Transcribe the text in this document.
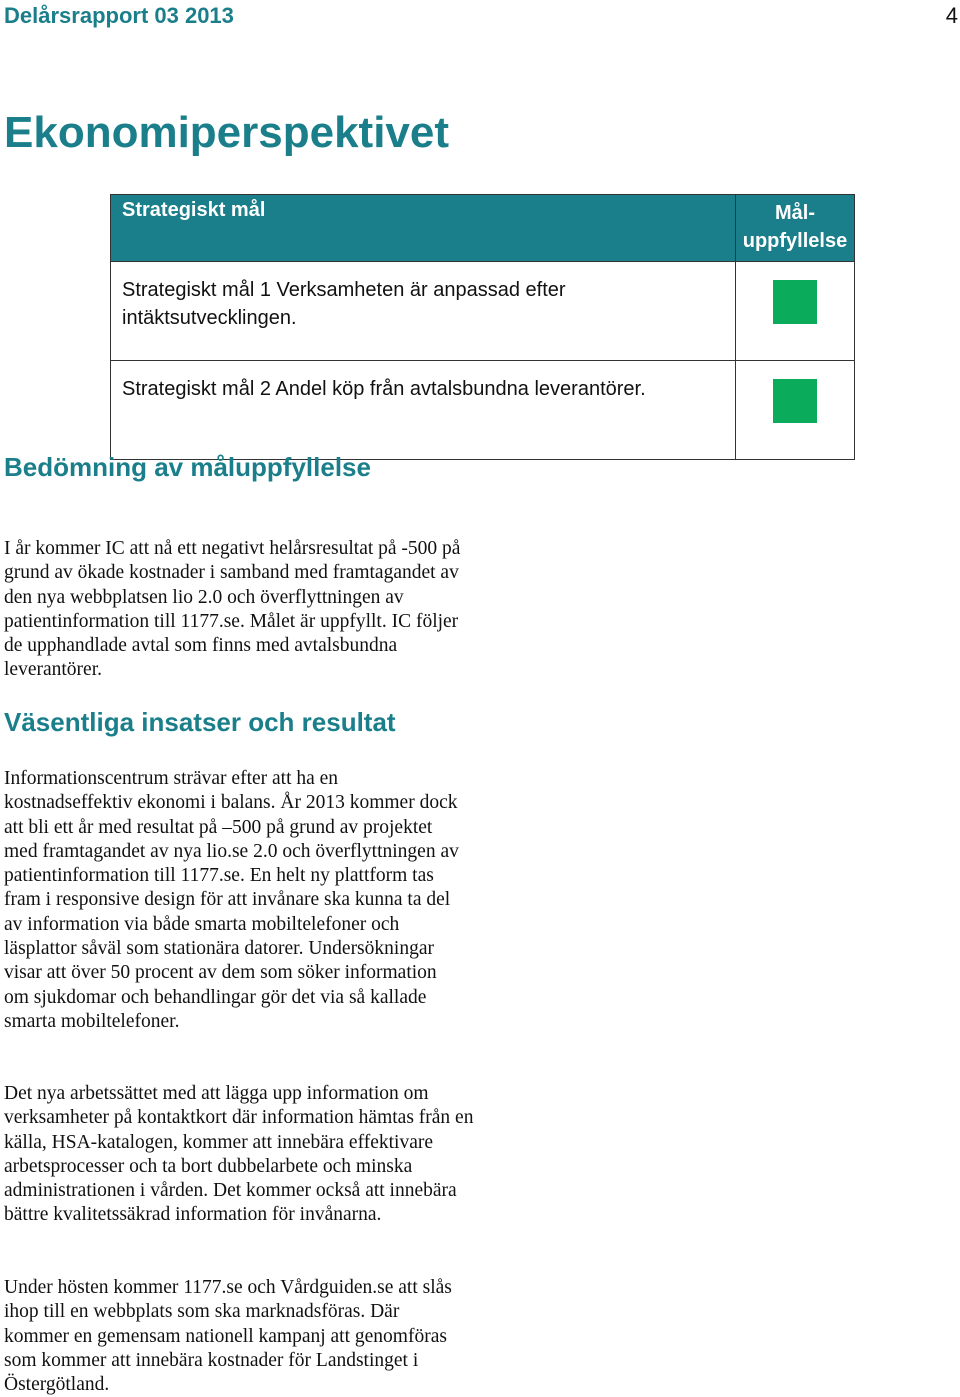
Delårsrapport 03 2013	4
Ekonomiperspektivet
Strategiskt mål	Mål-uppfyllelse
Strategiskt mål 1 Verksamheten är anpassad efter intäktsutvecklingen.	
Strategiskt mål 2 Andel köp från avtalsbundna leverantörer.	
Bedömning av måluppfyllelse

I år kommer IC att nå ett negativt helårsresultat på -500 på grund av ökade kostnader i samband med framtagandet av den nya webbplatsen lio 2.0 och överflyttningen av patientinformation till 1177.se. Målet är uppfyllt. IC följer de upphandlade avtal som finns med avtalsbundna leverantörer.

Väsentliga insatser och resultat

Informationscentrum strävar efter att ha en kostnadseffektiv ekonomi i balans. År 2013 kommer dock att bli ett år med resultat på –500 på grund av projektet med framtagandet av nya lio.se 2.0 och överflyttningen av patientinformation till 1177.se. En helt ny plattform tas fram i responsive design för att invånare ska kunna ta del av information via både smarta mobiltelefoner och läsplattor såväl som stationära datorer. Undersökningar visar att över 50 procent av dem som söker information om sjukdomar och behandlingar gör det via så kallade smarta mobiltelefoner.

Det nya arbetssättet med att lägga upp information om verksamheter på kontaktkort där information hämtas från en källa, HSA-katalogen, kommer att innebära effektivare arbetsprocesser och ta bort dubbelarbete och minska administrationen i vården. Det kommer också att innebära bättre kvalitetssäkrad information för invånarna.

Under hösten kommer 1177.se och Vårdguiden.se att slås ihop till en webbplats som ska marknadsföras. Där kommer en gemensam nationell kampanj att genomföras som kommer att innebära kostnader för Landstinget i Östergötland.
